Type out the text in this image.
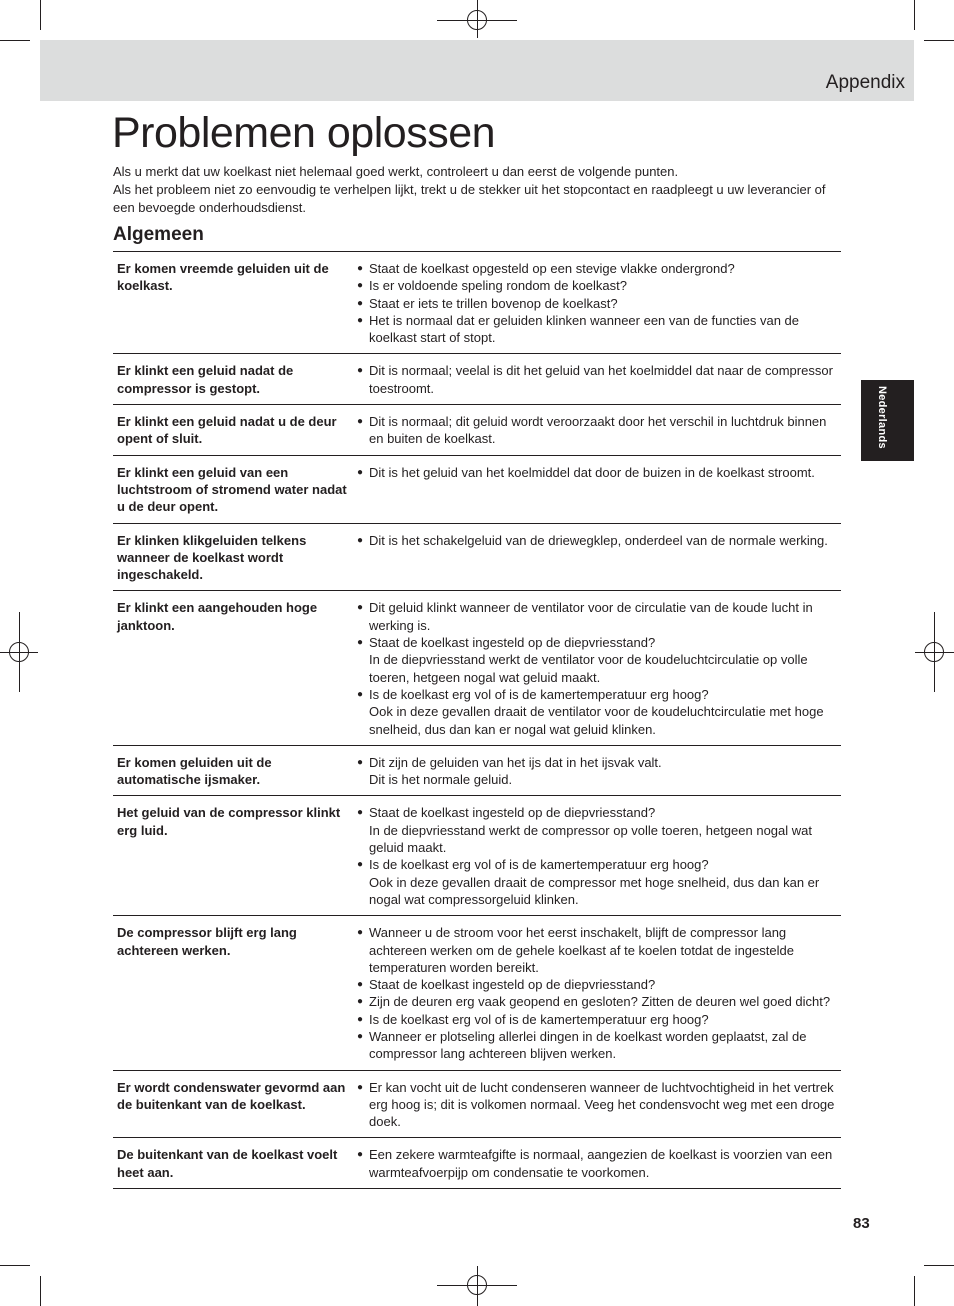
Appendix
Problemen oplossen

Als u merkt dat uw koelkast niet helemaal goed werkt, controleert u dan eerst de volgende punten.

Als het probleem niet zo eenvoudig te verhelpen lijkt, trekt u de stekker uit het stopcontact en raadpleegt u uw leverancier of een bevoegde onderhoudsdienst.

Algemeen
Er komen vreemde geluiden uit de koelkast.
● Staat de koelkast opgesteld op een stevige vlakke ondergrond?
● Is er voldoende speling rondom de koelkast?
● Staat er iets te trillen bovenop de koelkast?
● Het is normaal dat er geluiden klinken wanneer een van de functies van de koelkast start of stopt.
Er klinkt een geluid nadat de compressor is gestopt.
● Dit is normaal; veelal is dit het geluid van het koelmiddel dat naar de compressor toestroomt.
Er klinkt een geluid nadat u de deur opent of sluit.
● Dit is normaal; dit geluid wordt veroorzaakt door het verschil in luchtdruk binnen en buiten de koelkast.
Er klinkt een geluid van een luchtstroom of stromend water nadat u de deur opent.
● Dit is het geluid van het koelmiddel dat door de buizen in de koelkast stroomt.
Er klinken klikgeluiden telkens wanneer de koelkast wordt ingeschakeld.
● Dit is het schakelgeluid van de driewegklep, onderdeel van de normale werking.
Er klinkt een aangehouden hoge janktoon.
● Dit geluid klinkt wanneer de ventilator voor de circulatie van de koude lucht in werking is.
● Staat de koelkast ingesteld op de diepvriesstand?
In de diepvriesstand werkt de ventilator voor de koudeluchtcirculatie op volle toeren, hetgeen nogal wat geluid maakt.
● Is de koelkast erg vol of is de kamertemperatuur erg hoog?
Ook in deze gevallen draait de ventilator voor de koudeluchtcirculatie met hoge snelheid, dus dan kan er nogal wat geluid klinken.
Er komen geluiden uit de automatische ijsmaker.
● Dit zijn de geluiden van het ijs dat in het ijsvak valt.
Dit is het normale geluid.
Het geluid van de compressor klinkt erg luid.
● Staat de koelkast ingesteld op de diepvriesstand?
In de diepvriesstand werkt de compressor op volle toeren, hetgeen nogal wat geluid maakt.
● Is de koelkast erg vol of is de kamertemperatuur erg hoog?
Ook in deze gevallen draait de compressor met hoge snelheid, dus dan kan er nogal wat compressorgeluid klinken.
De compressor blijft erg lang achtereen werken.
● Wanneer u de stroom voor het eerst inschakelt, blijft de compressor lang achtereen werken om de gehele koelkast af te koelen totdat de ingestelde temperaturen worden bereikt.
● Staat de koelkast ingesteld op de diepvriesstand?
● Zijn de deuren erg vaak geopend en gesloten? Zitten de deuren wel goed dicht?
● Is de koelkast erg vol of is de kamertemperatuur erg hoog?
● Wanneer er plotseling allerlei dingen in de koelkast worden geplaatst, zal de compressor lang achtereen blijven werken.
Er wordt condenswater gevormd aan de buitenkant van de koelkast.
● Er kan vocht uit de lucht condenseren wanneer de luchtvochtigheid in het vertrek erg hoog is; dit is volkomen normaal. Veeg het condensvocht weg met een droge doek.
De buitenkant van de koelkast voelt heet aan.
● Een zekere warmteafgifte is normaal, aangezien de koelkast is voorzien van een warmteafvoerpijp om condensatie te voorkomen.
Nederlands
83
